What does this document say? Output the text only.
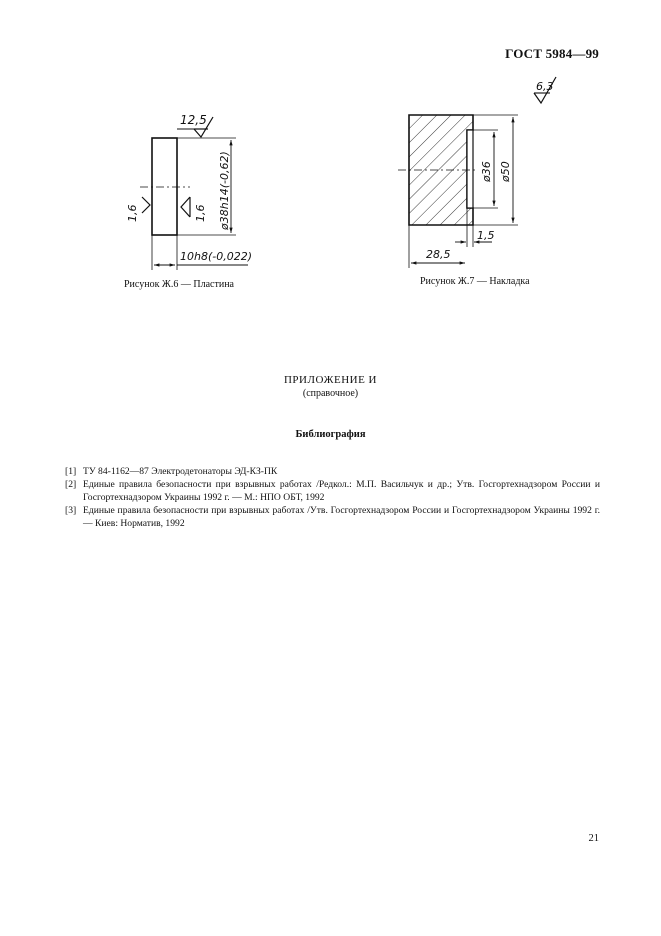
ГОСТ 5984—99
12,5
1,6	1,6 ø38h14(-0,62)
10h8(-0,022)
6,3
ø36 ø50
1,5
28,5
Рисунок Ж.6 — Пластина	Рисунок Ж.7 — Накладка
ПРИЛОЖЕНИЕ И
(справочное)
Библиография
[1] ТУ 84-1162—87 Электродетонаторы ЭД-КЗ-ПК
[2] Единые правила безопасности при взрывных работах /Редкол.: М.П. Васильчук и др.; Утв. Госгортехнадзором России и Госгортехнадзором Украины 1992 г. — М.: НПО ОБТ, 1992
[3] Единые правила безопасности при взрывных работах /Утв. Госгортехнадзором России и Госгортехнадзором Украины 1992 г. — Киев: Норматив, 1992
21
